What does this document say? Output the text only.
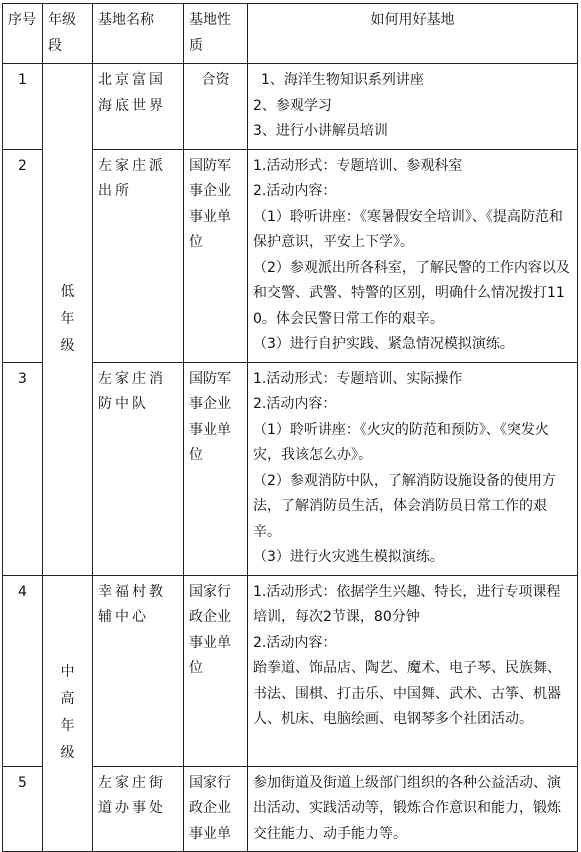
序号	年级段	基地名称	基地性质	如何用好基地
1	低年级	北京富国海底世界	合资	1、海洋生物知识系列讲座
2、参观学习
3、进行小讲解员培训

2		左家庄派出所	国防军事企业事业单位	1.活动形式：专题培训、参观科室
2.活动内容：
（1）聆听讲座：《寒暑假安全培训》、《提高防范和保护意识，平安上下学》。
（2）参观派出所各科室，了解民警的工作内容以及和交警、武警、特警的区别，明确什么情况拨打110。体会民警日常工作的艰辛。
（3）进行自护实践、紧急情况模拟演练。

3		左家庄消防中队	国防军事企业事业单位	1.活动形式：专题培训、实际操作
2.活动内容：
（1）聆听讲座：《火灾的防范和预防》、《突发火灾，我该怎么办》。
（2）参观消防中队，了解消防设施设备的使用方法，了解消防员生活，体会消防员日常工作的艰辛。
（3）进行火灾逃生模拟演练。

4	中高年级	幸福村教辅中心	国家行政企业事业单位	1.活动形式：依据学生兴趣、特长，进行专项课程培训，每次2节课，80分钟
2.活动内容：
跆拳道、饰品店、陶艺、魔术、电子琴、民族舞、书法、围棋、打击乐、中国舞、武术、古筝、机器人、机床、电脑绘画、电钢琴多个社团活动。

5		左家庄街道办事处	国家行政企业事业单	参加街道及街道上级部门组织的各种公益活动、演出活动、实践活动等，锻炼合作意识和能力，锻炼交往能力、动手能力等。
